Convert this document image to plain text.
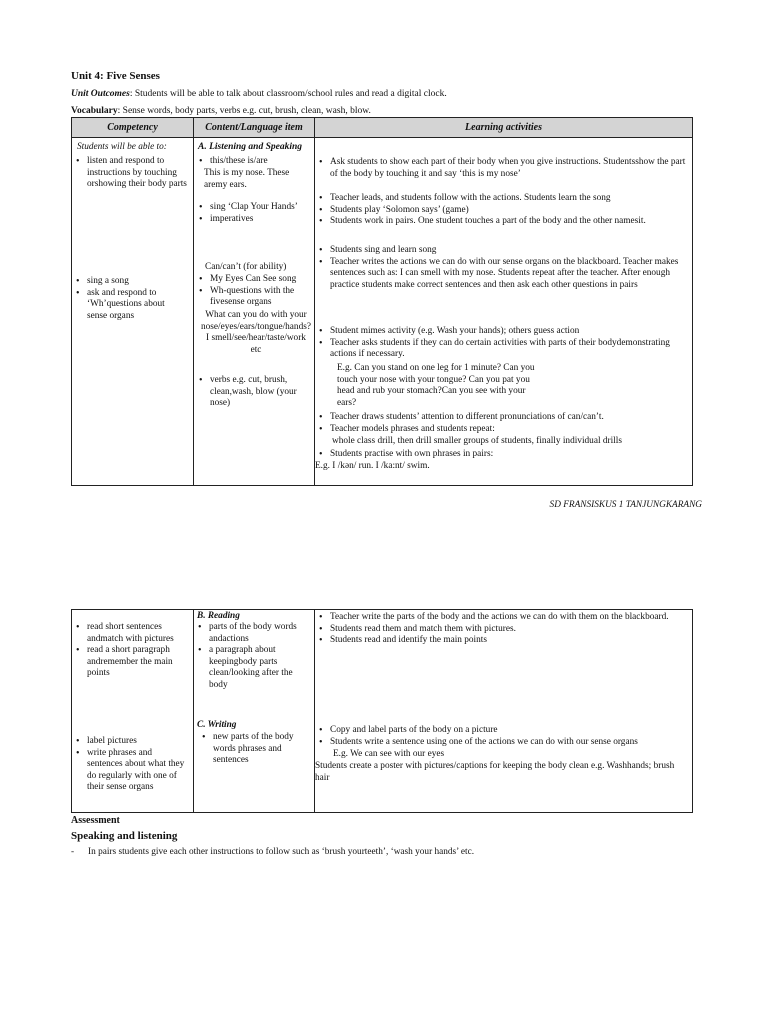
Unit 4: Five Senses
Unit Outcomes: Students will be able to talk about classroom/school rules and read a digital clock.
Vocabulary: Sense words, body parts, verbs e.g. cut, brush, clean, wash, blow.
Competency	Content/Language item	Learning activities
Students will be able to:
• listen and respond to instructions by touching orshowing their body parts
• sing a song
• ask and respond to ‘Wh’questions about sense organs
A. Listening and Speaking
• this/these is/are
This is my nose. These aremy ears.
• sing ‘Clap Your Hands’
• imperatives
Can/can’t (for ability)
• My Eyes Can See song
• Wh-questions with the fivesense organs
What can you do with your nose/eyes/ears/tongue/hands? I smell/see/hear/taste/work etc
• verbs e.g. cut, brush, clean,wash, blow (your nose)
• Ask students to show each part of their body when you give instructions. Studentsshow the part of the body by touching it and say ‘this is my nose’
• Teacher leads, and students follow with the actions. Students learn the song
• Students play ‘Solomon says’ (game)
• Students work in pairs. One student touches a part of the body and the other namesit.
• Students sing and learn song
• Teacher writes the actions we can do with our sense organs on the blackboard. Teacher makes sentences such as: I can smell with my nose. Students repeat after the teacher. After enough practice students make correct sentences and then ask each other questions in pairs
• Student mimes activity (e.g. Wash your hands); others guess action
• Teacher asks students if they can do certain activities with parts of their bodydemonstrating actions if necessary.
E.g. Can you stand on one leg for 1 minute? Can you touch your nose with your tongue? Can you pat you head and rub your stomach?Can you see with your ears?
• Teacher draws students’ attention to different pronunciations of can/can’t.
• Teacher models phrases and students repeat:
whole class drill, then drill smaller groups of students, finally individual drills
• Students practise with own phrases in pairs:
E.g. I /kǝn/ run. I /ka:nt/ swim.
SD FRANSISKUS 1 TANJUNGKARANG
• read short sentences andmatch with pictures
• read a short paragraph andremember the main points
• label pictures
• write phrases and sentences about what they do regularly with one of their sense organs
B. Reading
• parts of the body words andactions
• a paragraph about keepingbody parts clean/looking after the body
C. Writing
• new parts of the body words phrases and sentences
• Teacher write the parts of the body and the actions we can do with them on the blackboard.
• Students read them and match them with pictures.
• Students read and identify the main points
• Copy and label parts of the body on a picture
• Students write a sentence using one of the actions we can do with our sense organs
E.g. We can see with our eyes
Students create a poster with pictures/captions for keeping the body clean e.g. Washhands; brush hair
Assessment
Speaking and listening
- In pairs students give each other instructions to follow such as ‘brush yourteeth’, ‘wash your hands’ etc.
